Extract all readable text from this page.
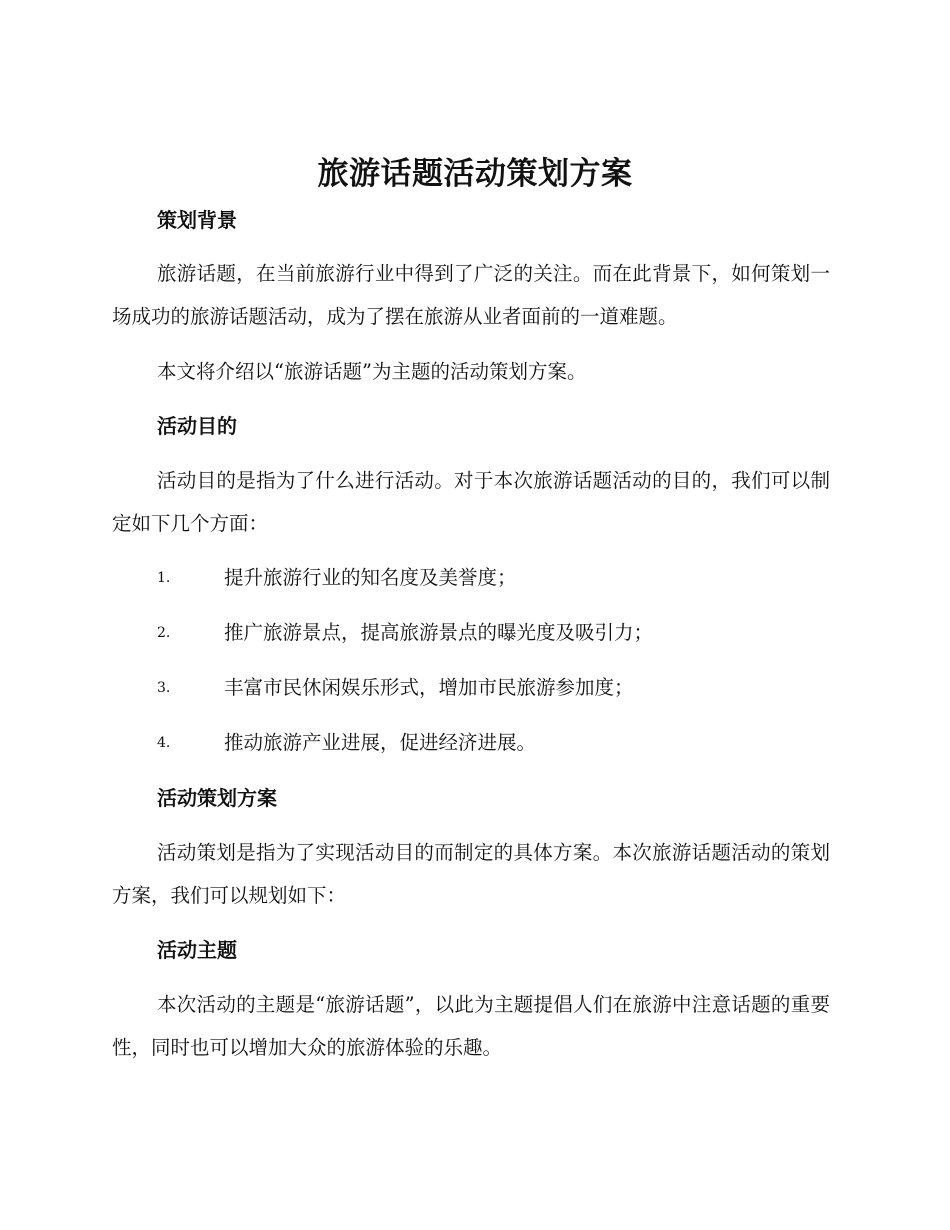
旅游话题活动策划方案
策划背景

旅游话题，在当前旅游行业中得到了广泛的关注。而在此背景下，如何策划一场成功的旅游话题活动，成为了摆在旅游从业者面前的一道难题。

本文将介绍以“旅游话题”为主题的活动策划方案。

活动目的

活动目的是指为了什么进行活动。对于本次旅游话题活动的目的，我们可以制定如下几个方面：

1.	提升旅游行业的知名度及美誉度；
2.	推广旅游景点，提高旅游景点的曝光度及吸引力；
3.	丰富市民休闲娱乐形式，增加市民旅游参加度；
4.	推动旅游产业进展，促进经济进展。
活动策划方案

活动策划是指为了实现活动目的而制定的具体方案。本次旅游话题活动的策划方案，我们可以规划如下：

活动主题

本次活动的主题是“旅游话题”，以此为主题提倡人们在旅游中注意话题的重要性，同时也可以增加大众的旅游体验的乐趣。
